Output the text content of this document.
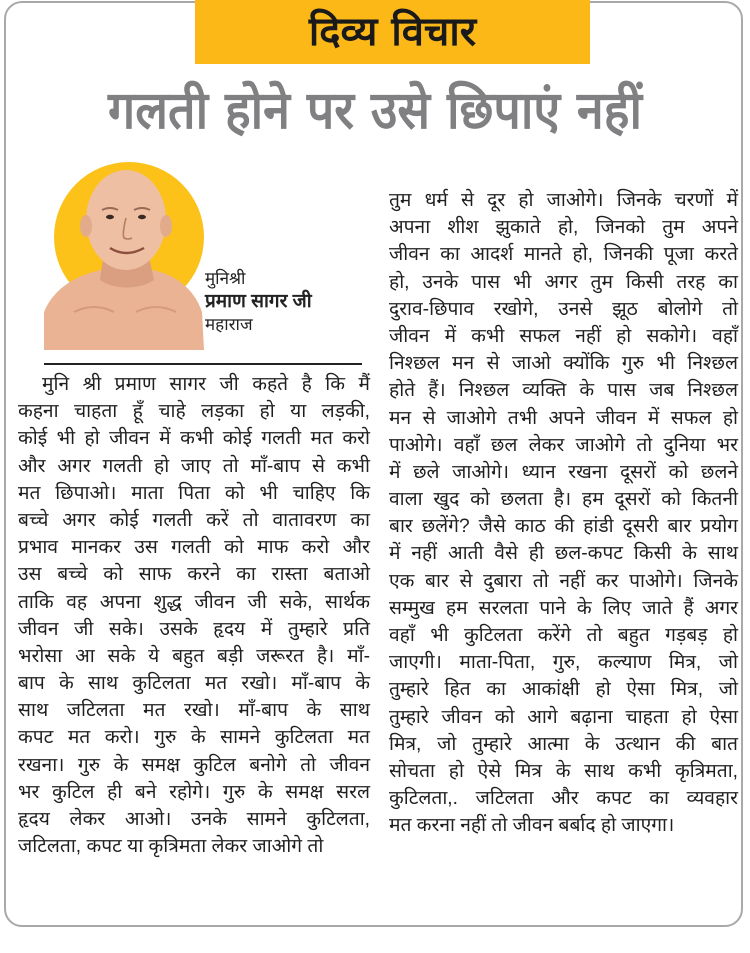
दिव्य विचार
गलती होने पर उसे छिपाएं नहीं
मुनिश्री
प्रमाण सागर जी
महाराज
मुनि श्री प्रमाण सागर जी कहते है कि मैं
कहना चाहता हूँ चाहे लड़का हो या लड़की,
कोई भी हो जीवन में कभी कोई गलती मत करो
और अगर गलती हो जाए तो माँ-बाप से कभी
मत छिपाओ। माता पिता को भी चाहिए कि
बच्चे अगर कोई गलती करें तो वातावरण का
प्रभाव मानकर उस गलती को माफ करो और
उस बच्चे को साफ करने का रास्ता बताओ
ताकि वह अपना शुद्ध जीवन जी सके, सार्थक
जीवन जी सके। उसके हृदय में तुम्हारे प्रति
भरोसा आ सके ये बहुत बड़ी जरूरत है। माँ-
बाप के साथ कुटिलता मत रखो। माँ-बाप के
साथ जटिलता मत रखो। माँ-बाप के साथ
कपट मत करो। गुरु के सामने कुटिलता मत
रखना। गुरु के समक्ष कुटिल बनोगे तो जीवन
भर कुटिल ही बने रहोगे। गुरु के समक्ष सरल
हृदय लेकर आओ। उनके सामने कुटिलता,
जटिलता, कपट या कृत्रिमता लेकर जाओगे तो
तुम धर्म से दूर हो जाओगे। जिनके चरणों में
अपना शीश झुकाते हो, जिनको तुम अपने
जीवन का आदर्श मानते हो, जिनकी पूजा करते
हो, उनके पास भी अगर तुम किसी तरह का
दुराव-छिपाव रखोगे, उनसे झूठ बोलोगे तो
जीवन में कभी सफल नहीं हो सकोगे। वहाँ
निश्छल मन से जाओ क्योंकि गुरु भी निश्छल
होते हैं। निश्छल व्यक्ति के पास जब निश्छल
मन से जाओगे तभी अपने जीवन में सफल हो
पाओगे। वहाँ छल लेकर जाओगे तो दुनिया भर
में छले जाओगे। ध्यान रखना दूसरों को छलने
वाला खुद को छलता है। हम दूसरों को कितनी
बार छलेंगे? जैसे काठ की हांडी दूसरी बार प्रयोग
में नहीं आती वैसे ही छल-कपट किसी के साथ
एक बार से दुबारा तो नहीं कर पाओगे। जिनके
सम्मुख हम सरलता पाने के लिए जाते हैं अगर
वहाँ भी कुटिलता करेंगे तो बहुत गड़बड़ हो
जाएगी। माता-पिता, गुरु, कल्याण मित्र, जो
तुम्हारे हित का आकांक्षी हो ऐसा मित्र, जो
तुम्हारे जीवन को आगे बढ़ाना चाहता हो ऐसा
मित्र, जो तुम्हारे आत्मा के उत्थान की बात
सोचता हो ऐसे मित्र के साथ कभी कृत्रिमता,
कुटिलता,. जटिलता और कपट का व्यवहार
मत करना नहीं तो जीवन बर्बाद हो जाएगा।
